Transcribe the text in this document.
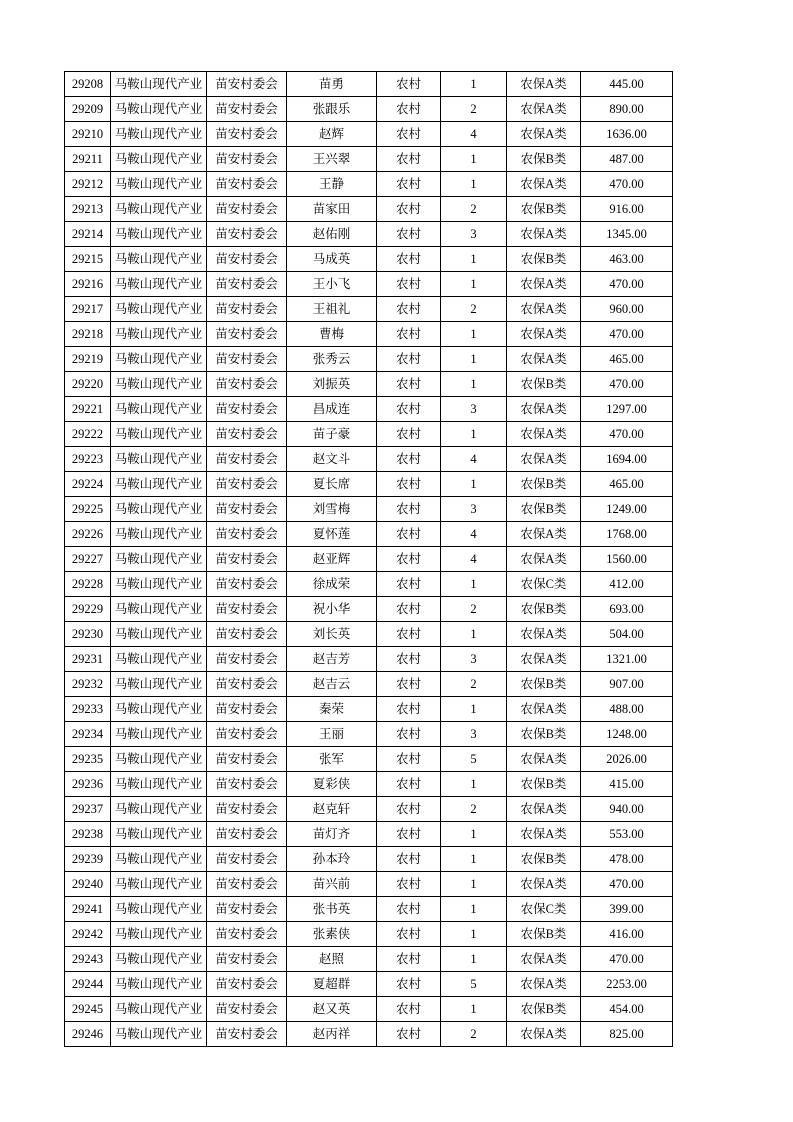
29208	马鞍山现代产业	苗安村委会	苗勇	农村	1	农保A类	445.00
29209	马鞍山现代产业	苗安村委会	张跟乐	农村	2	农保A类	890.00
29210	马鞍山现代产业	苗安村委会	赵辉	农村	4	农保A类	1636.00
29211	马鞍山现代产业	苗安村委会	王兴翠	农村	1	农保B类	487.00
29212	马鞍山现代产业	苗安村委会	王静	农村	1	农保A类	470.00
29213	马鞍山现代产业	苗安村委会	苗家田	农村	2	农保B类	916.00
29214	马鞍山现代产业	苗安村委会	赵佑刚	农村	3	农保A类	1345.00
29215	马鞍山现代产业	苗安村委会	马成英	农村	1	农保B类	463.00
29216	马鞍山现代产业	苗安村委会	王小飞	农村	1	农保A类	470.00
29217	马鞍山现代产业	苗安村委会	王祖礼	农村	2	农保A类	960.00
29218	马鞍山现代产业	苗安村委会	曹梅	农村	1	农保A类	470.00
29219	马鞍山现代产业	苗安村委会	张秀云	农村	1	农保A类	465.00
29220	马鞍山现代产业	苗安村委会	刘振英	农村	1	农保B类	470.00
29221	马鞍山现代产业	苗安村委会	昌成连	农村	3	农保A类	1297.00
29222	马鞍山现代产业	苗安村委会	苗子豪	农村	1	农保A类	470.00
29223	马鞍山现代产业	苗安村委会	赵文斗	农村	4	农保A类	1694.00
29224	马鞍山现代产业	苗安村委会	夏长席	农村	1	农保B类	465.00
29225	马鞍山现代产业	苗安村委会	刘雪梅	农村	3	农保B类	1249.00
29226	马鞍山现代产业	苗安村委会	夏怀莲	农村	4	农保A类	1768.00
29227	马鞍山现代产业	苗安村委会	赵亚辉	农村	4	农保A类	1560.00
29228	马鞍山现代产业	苗安村委会	徐成荣	农村	1	农保C类	412.00
29229	马鞍山现代产业	苗安村委会	祝小华	农村	2	农保B类	693.00
29230	马鞍山现代产业	苗安村委会	刘长英	农村	1	农保A类	504.00
29231	马鞍山现代产业	苗安村委会	赵吉芳	农村	3	农保A类	1321.00
29232	马鞍山现代产业	苗安村委会	赵吉云	农村	2	农保B类	907.00
29233	马鞍山现代产业	苗安村委会	秦荣	农村	1	农保A类	488.00
29234	马鞍山现代产业	苗安村委会	王丽	农村	3	农保B类	1248.00
29235	马鞍山现代产业	苗安村委会	张军	农村	5	农保A类	2026.00
29236	马鞍山现代产业	苗安村委会	夏彩侠	农村	1	农保B类	415.00
29237	马鞍山现代产业	苗安村委会	赵克轩	农村	2	农保A类	940.00
29238	马鞍山现代产业	苗安村委会	苗灯齐	农村	1	农保A类	553.00
29239	马鞍山现代产业	苗安村委会	孙本玲	农村	1	农保B类	478.00
29240	马鞍山现代产业	苗安村委会	苗兴前	农村	1	农保A类	470.00
29241	马鞍山现代产业	苗安村委会	张书英	农村	1	农保C类	399.00
29242	马鞍山现代产业	苗安村委会	张素侠	农村	1	农保B类	416.00
29243	马鞍山现代产业	苗安村委会	赵照	农村	1	农保A类	470.00
29244	马鞍山现代产业	苗安村委会	夏超群	农村	5	农保A类	2253.00
29245	马鞍山现代产业	苗安村委会	赵又英	农村	1	农保B类	454.00
29246	马鞍山现代产业	苗安村委会	赵丙祥	农村	2	农保A类	825.00
